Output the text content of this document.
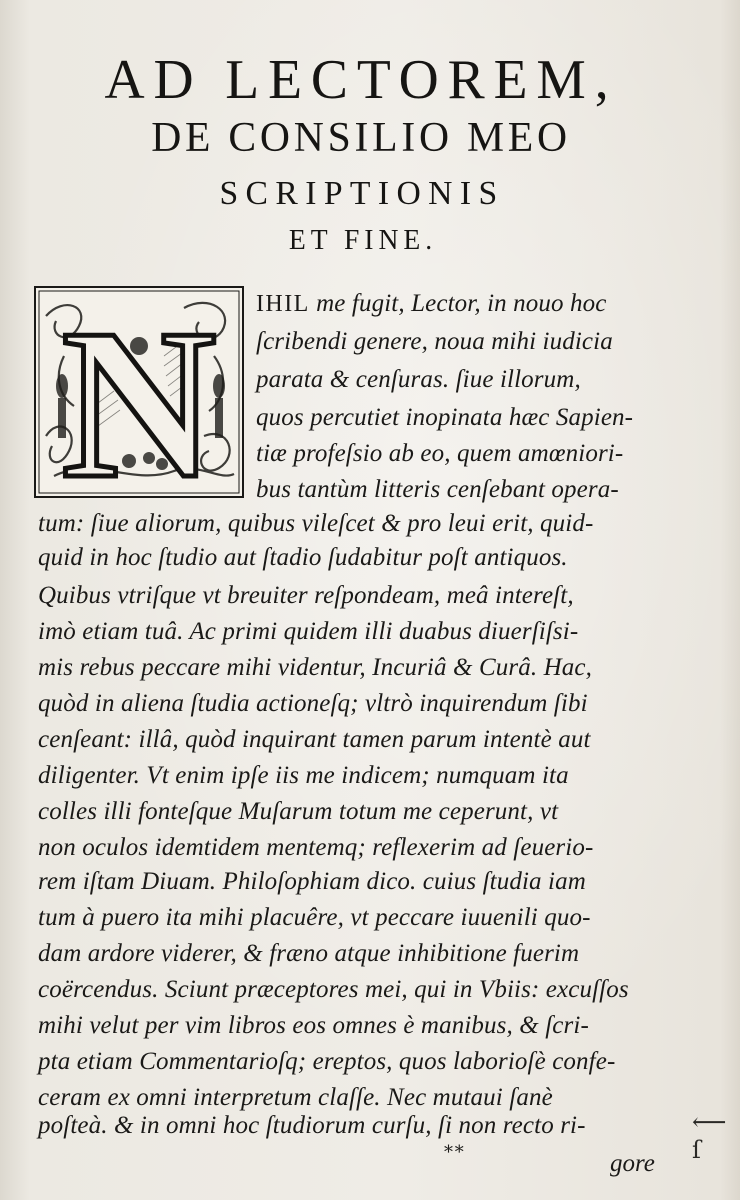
AD LECTOREM,
DE CONSILIO MEO
SCRIPTIONIS
ET FINE.
N IHIL me fugit, Lector, in nouo hoc
ſcribendi genere, noua mihi iudicia
parata & cenſuras. ſiue illorum,
quos percutiet inopinata hæc Sapien-
tiæ profeſsio ab eo, quem amœniori-
bus tantùm litteris cenſebant opera-
tum: ſiue aliorum, quibus vileſcet & pro leui erit, quid-
quid in hoc ſtudio aut ſtadio ſudabitur poſt antiquos.
Quibus vtriſque vt breuiter reſpondeam, meâ intereſt,
imò etiam tuâ. Ac primi quidem illi duabus diuerſiſsi-
mis rebus peccare mihi videntur, Incuriâ & Curâ. Hac,
quòd in aliena ſtudia actioneſq; vltrò inquirendum ſibi
cenſeant: illâ, quòd inquirant tamen parum intentè aut
diligenter. Vt enim ipſe iis me indicem; numquam ita
colles illi fonteſque Muſarum totum me ceperunt, vt
non oculos idemtidem mentemq; reflexerim ad ſeuerio-
rem iſtam Diuam. Philoſophiam dico. cuius ſtudia iam
tum à puero ita mihi placuêre, vt peccare iuuenili quo-
dam ardore viderer, & fræno atque inhibitione fuerim
coërcendus. Sciunt præceptores mei, qui in Vbiis: excuſſos
mihi velut per vim libros eos omnes è manibus, & ſcri-
pta etiam Commentarioſq; ereptos, quos laborioſè confe-
ceram ex omni interpretum claſſe. Nec mutaui ſanè
poſteà. & in omni hoc ſtudiorum curſu, ſi non recto ri-	⟵ ſ
**	gore
